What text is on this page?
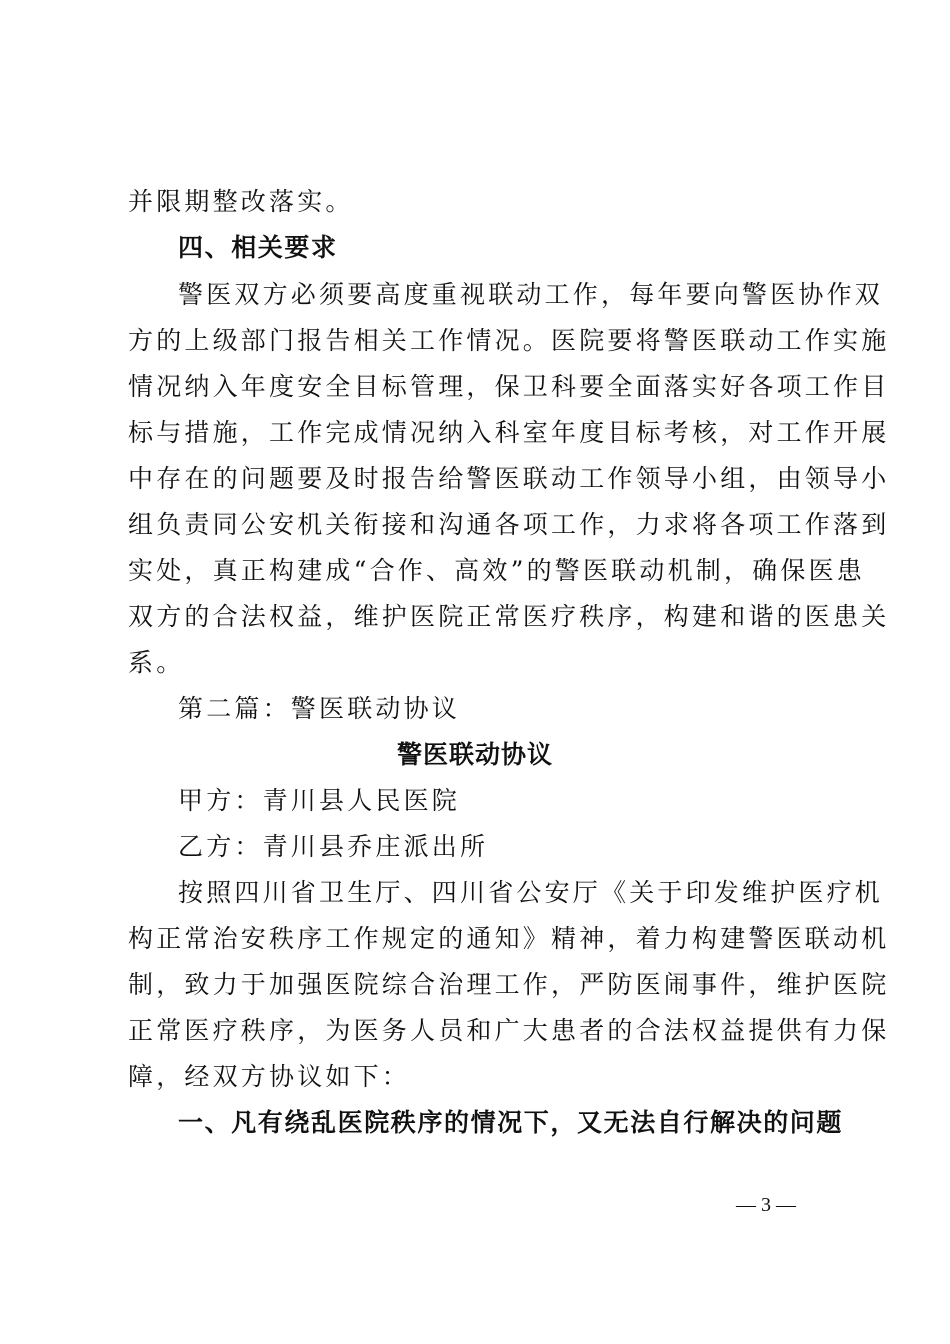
并限期整改落实。
四、相关要求
警医双方必须要高度重视联动工作，每年要向警医协作双
方的上级部门报告相关工作情况。医院要将警医联动工作实施
情况纳入年度安全目标管理，保卫科要全面落实好各项工作目
标与措施，工作完成情况纳入科室年度目标考核，对工作开展
中存在的问题要及时报告给警医联动工作领导小组，由领导小
组负责同公安机关衔接和沟通各项工作，力求将各项工作落到
实处，真正构建成“合作、高效”的警医联动机制，确保医患
双方的合法权益，维护医院正常医疗秩序，构建和谐的医患关
系。
第二篇：警医联动协议
警医联动协议
甲方：青川县人民医院
乙方：青川县乔庄派出所
按照四川省卫生厅、四川省公安厅《关于印发维护医疗机
构正常治安秩序工作规定的通知》精神，着力构建警医联动机
制，致力于加强医院综合治理工作，严防医闹事件，维护医院
正常医疗秩序，为医务人员和广大患者的合法权益提供有力保
障，经双方协议如下：
一、凡有绕乱医院秩序的情况下，又无法自行解决的问题
— 3 —
